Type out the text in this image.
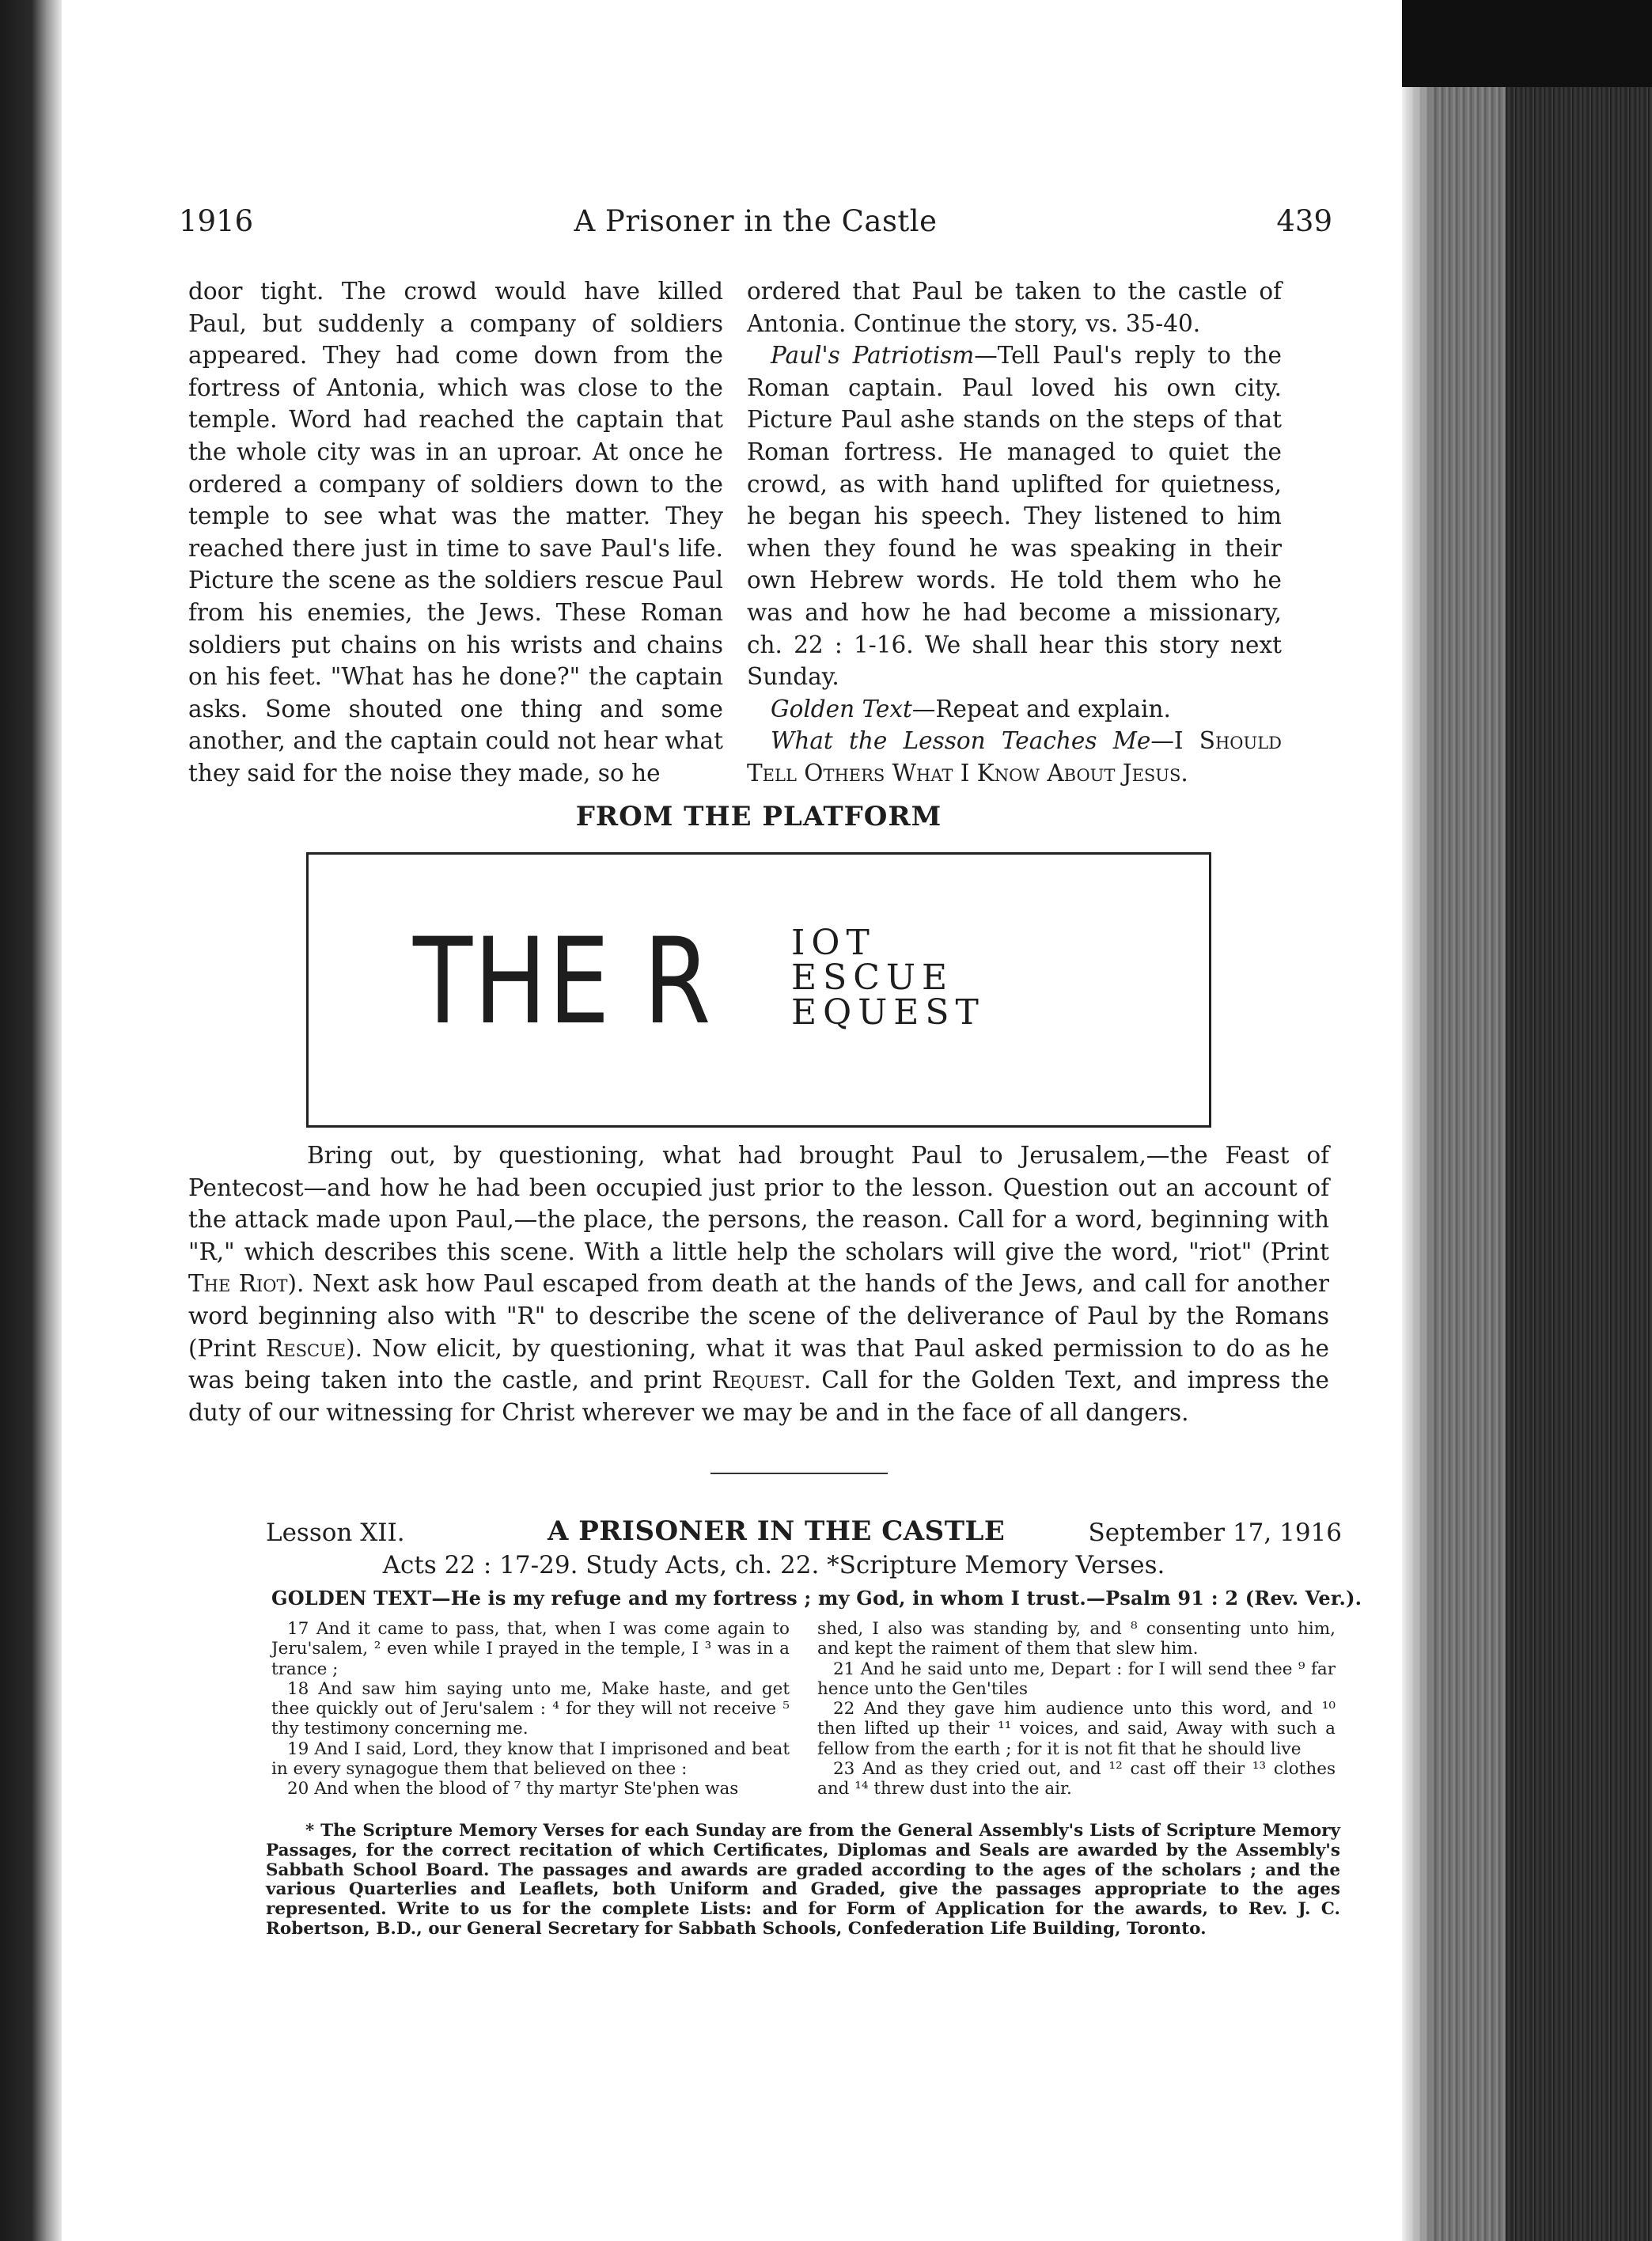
1916	A Prisoner in the Castle	439

door tight. The crowd would have killed Paul, but suddenly a company of soldiers appeared. They had come down from the fortress of Antonia, which was close to the temple. Word had reached the captain that the whole city was in an uproar. At once he ordered a company of soldiers down to the temple to see what was the matter. They reached there just in time to save Paul's life. Picture the scene as the soldiers rescue Paul from his enemies, the Jews. These Roman soldiers put chains on his wrists and chains on his feet. "What has he done?" the captain asks. Some shouted one thing and some another, and the captain could not hear what they said for the noise they made, so he

ordered that Paul be taken to the castle of Antonia. Continue the story, vs. 35-40.

Paul's Patriotism—Tell Paul's reply to the Roman captain. Paul loved his own city. Picture Paul ashe stands on the steps of that Roman fortress. He managed to quiet the crowd, as with hand uplifted for quietness, he began his speech. They listened to him when they found he was speaking in their own Hebrew words. He told them who he was and how he had become a missionary, ch. 22 : 1-16. We shall hear this story next Sunday.

Golden Text—Repeat and explain.

What the Lesson Teaches Me—I Should Tell Others What I Know About Jesus.

FROM THE PLATFORM
THE R IOT
ESCUE
EQUEST

Bring out, by questioning, what had brought Paul to Jerusalem,—the Feast of Pentecost—and how he had been occupied just prior to the lesson. Question out an account of the attack made upon Paul,—the place, the persons, the reason. Call for a word, beginning with "R," which describes this scene. With a little help the scholars will give the word, "riot" (Print The Riot). Next ask how Paul escaped from death at the hands of the Jews, and call for another word beginning also with "R" to describe the scene of the deliverance of Paul by the Romans (Print Rescue). Now elicit, by questioning, what it was that Paul asked permission to do as he was being taken into the castle, and print Request. Call for the Golden Text, and impress the duty of our witnessing for Christ wherever we may be and in the face of all dangers.

Lesson XII.	A PRISONER IN THE CASTLE	September 17, 1916
Acts 22 : 17-29. Study Acts, ch. 22. *Scripture Memory Verses.
GOLDEN TEXT—He is my refuge and my fortress ; my God, in whom I trust.—Psalm 91 : 2 (Rev. Ver.).

17 And it came to pass, that, when I was come again to Jeru'salem, ² even while I prayed in the temple, I ³ was in a trance ;

18 And saw him saying unto me, Make haste, and get thee quickly out of Jeru'salem : ⁴ for they will not receive ⁵ thy testimony concerning me.

19 And I said, Lord, they know that I imprisoned and beat in every synagogue them that believed on thee :

20 And when the blood of ⁷ thy martyr Ste'phen was

shed, I also was standing by, and ⁸ consenting unto him, and kept the raiment of them that slew him.

21 And he said unto me, Depart : for I will send thee ⁹ far hence unto the Gen'tiles

22 And they gave him audience unto this word, and ¹⁰ then lifted up their ¹¹ voices, and said, Away with such a fellow from the earth ; for it is not fit that he should live

23 And as they cried out, and ¹² cast off their ¹³ clothes and ¹⁴ threw dust into the air.

* The Scripture Memory Verses for each Sunday are from the General Assembly's Lists of Scripture Memory Passages, for the correct recitation of which Certificates, Diplomas and Seals are awarded by the Assembly's Sabbath School Board. The passages and awards are graded according to the ages of the scholars ; and the various Quarterlies and Leaflets, both Uniform and Graded, give the passages appropriate to the ages represented. Write to us for the complete Lists: and for Form of Application for the awards, to Rev. J. C. Robertson, B.D., our General Secretary for Sabbath Schools, Confederation Life Building, Toronto.
